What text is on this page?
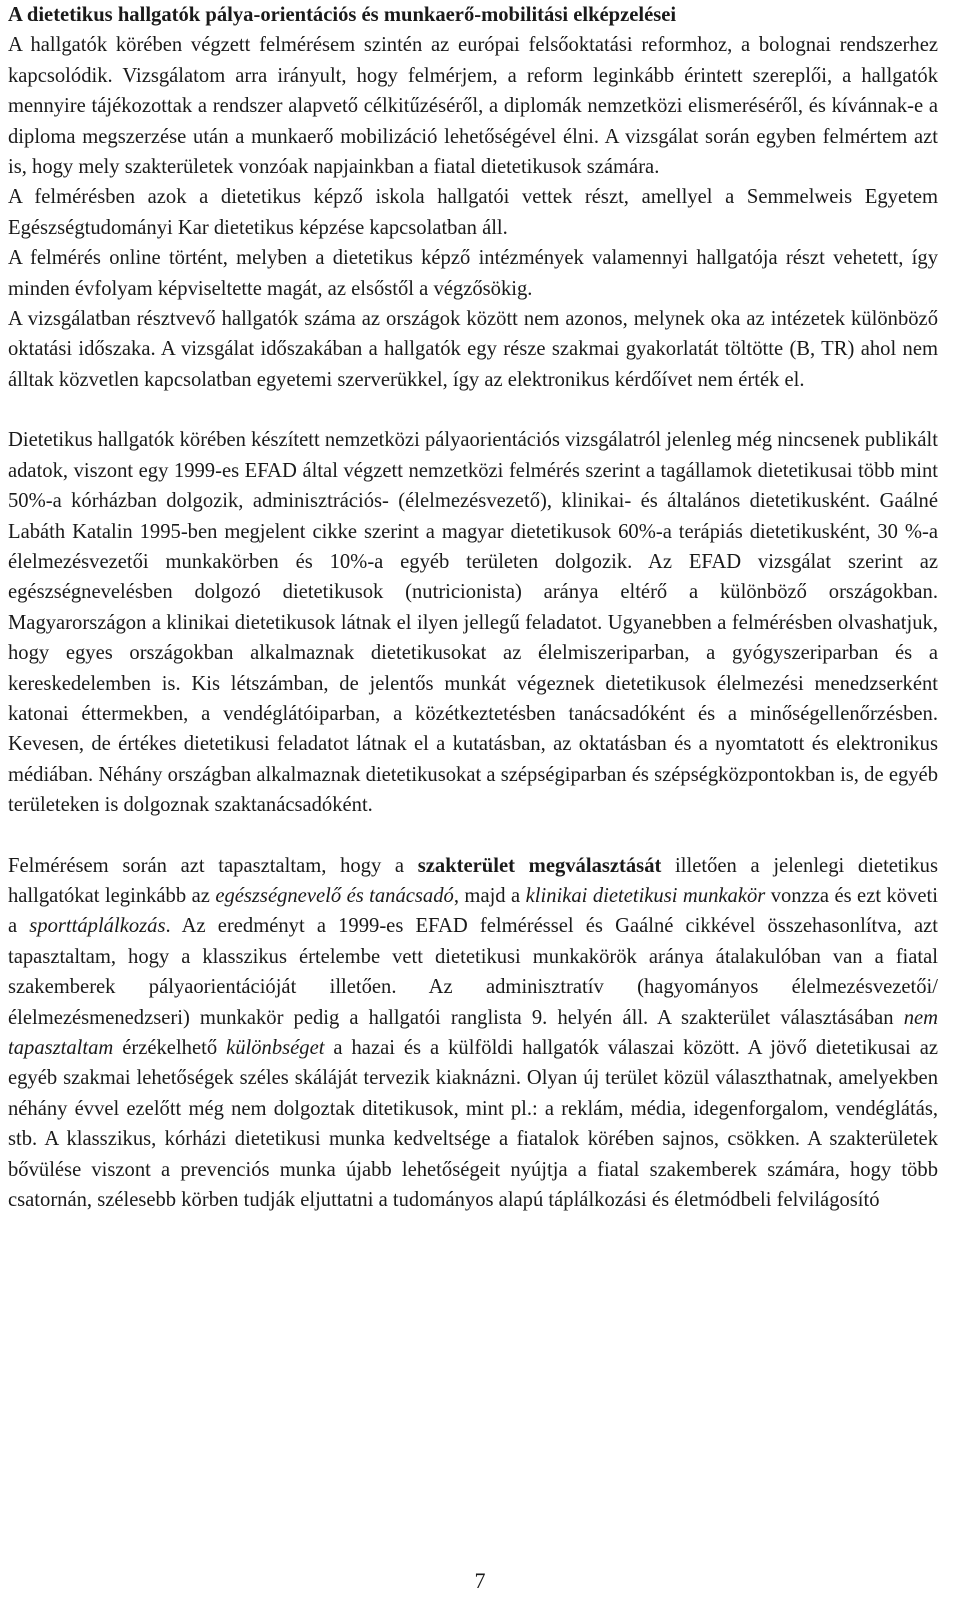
A dietetikus hallgatók pálya-orientációs és munkaerő-mobilitási elképzelései

A hallgatók körében végzett felmérésem szintén az európai felsőoktatási reformhoz, a bolognai rendszerhez kapcsolódik. Vizsgálatom arra irányult, hogy felmérjem, a reform leginkább érintett szereplői, a hallgatók mennyire tájékozottak a rendszer alapvető célkitűzéséről, a diplomák nemzetközi elismeréséről, és kívánnak-e a diploma megszerzése után a munkaerő mobilizáció lehetőségével élni. A vizsgálat során egyben felmértem azt is, hogy mely szakterületek vonzóak napjainkban a fiatal dietetikusok számára.

A felmérésben azok a dietetikus képző iskola hallgatói vettek részt, amellyel a Semmelweis Egyetem Egészségtudományi Kar dietetikus képzése kapcsolatban áll.

A felmérés online történt, melyben a dietetikus képző intézmények valamennyi hallgatója részt vehetett, így minden évfolyam képviseltette magát, az elsőstől a végzősökig.

A vizsgálatban résztvevő hallgatók száma az országok között nem azonos, melynek oka az intézetek különböző oktatási időszaka. A vizsgálat időszakában a hallgatók egy része szakmai gyakorlatát töltötte (B, TR) ahol nem álltak közvetlen kapcsolatban egyetemi szerverükkel, így az elektronikus kérdőívet nem érték el.

Dietetikus hallgatók körében készített nemzetközi pályaorientációs vizsgálatról jelenleg még nincsenek publikált adatok, viszont egy 1999-es EFAD által végzett nemzetközi felmérés szerint a tagállamok dietetikusai több mint 50%-a kórházban dolgozik, adminisztrációs- (élelmezésvezető), klinikai- és általános dietetikusként. Gaálné Labáth Katalin 1995-ben megjelent cikke szerint a magyar dietetikusok 60%-a terápiás dietetikusként, 30 %-a élelmezésvezetői munkakörben és 10%-a egyéb területen dolgozik. Az EFAD vizsgálat szerint az egészségnevelésben dolgozó dietetikusok (nutricionista) aránya eltérő a különböző országokban. Magyarországon a klinikai dietetikusok látnak el ilyen jellegű feladatot. Ugyanebben a felmérésben olvashatjuk, hogy egyes országokban alkalmaznak dietetikusokat az élelmiszeriparban, a gyógyszeriparban és a kereskedelemben is. Kis létszámban, de jelentős munkát végeznek dietetikusok élelmezési menedzserként katonai éttermekben, a vendéglátóiparban, a közétkeztetésben tanácsadóként és a minőségellenőrzésben. Kevesen, de értékes dietetikusi feladatot látnak el a kutatásban, az oktatásban és a nyomtatott és elektronikus médiában. Néhány országban alkalmaznak dietetikusokat a szépségiparban és szépségközpontokban is, de egyéb területeken is dolgoznak szaktanácsadóként.

Felmérésem során azt tapasztaltam, hogy a szakterület megválasztását illetően a jelenlegi dietetikus hallgatókat leginkább az egészségnevelő és tanácsadó, majd a klinikai dietetikusi munkakör vonzza és ezt követi a sporttáplálkozás. Az eredményt a 1999-es EFAD felméréssel és Gaálné cikkével összehasonlítva, azt tapasztaltam, hogy a klasszikus értelembe vett dietetikusi munkakörök aránya átalakulóban van a fiatal szakemberek pályaorientációját illetően. Az adminisztratív (hagyományos élelmezésvezetői/élelmezésmenedzseri) munkakör pedig a hallgatói ranglista 9. helyén áll. A szakterület választásában nem tapasztaltam érzékelhető különbséget a hazai és a külföldi hallgatók válaszai között. A jövő dietetikusai az egyéb szakmai lehetőségek széles skáláját tervezik kiaknázni. Olyan új terület közül választhatnak, amelyekben néhány évvel ezelőtt még nem dolgoztak ditetikusok, mint pl.: a reklám, média, idegenforgalom, vendéglátás, stb. A klasszikus, kórházi dietetikusi munka kedveltsége a fiatalok körében sajnos, csökken. A szakterületek bővülése viszont a prevenciós munka újabb lehetőségeit nyújtja a fiatal szakemberek számára, hogy több csatornán, szélesebb körben tudják eljuttatni a tudományos alapú táplálkozási és életmódbeli felvilágosító

7
